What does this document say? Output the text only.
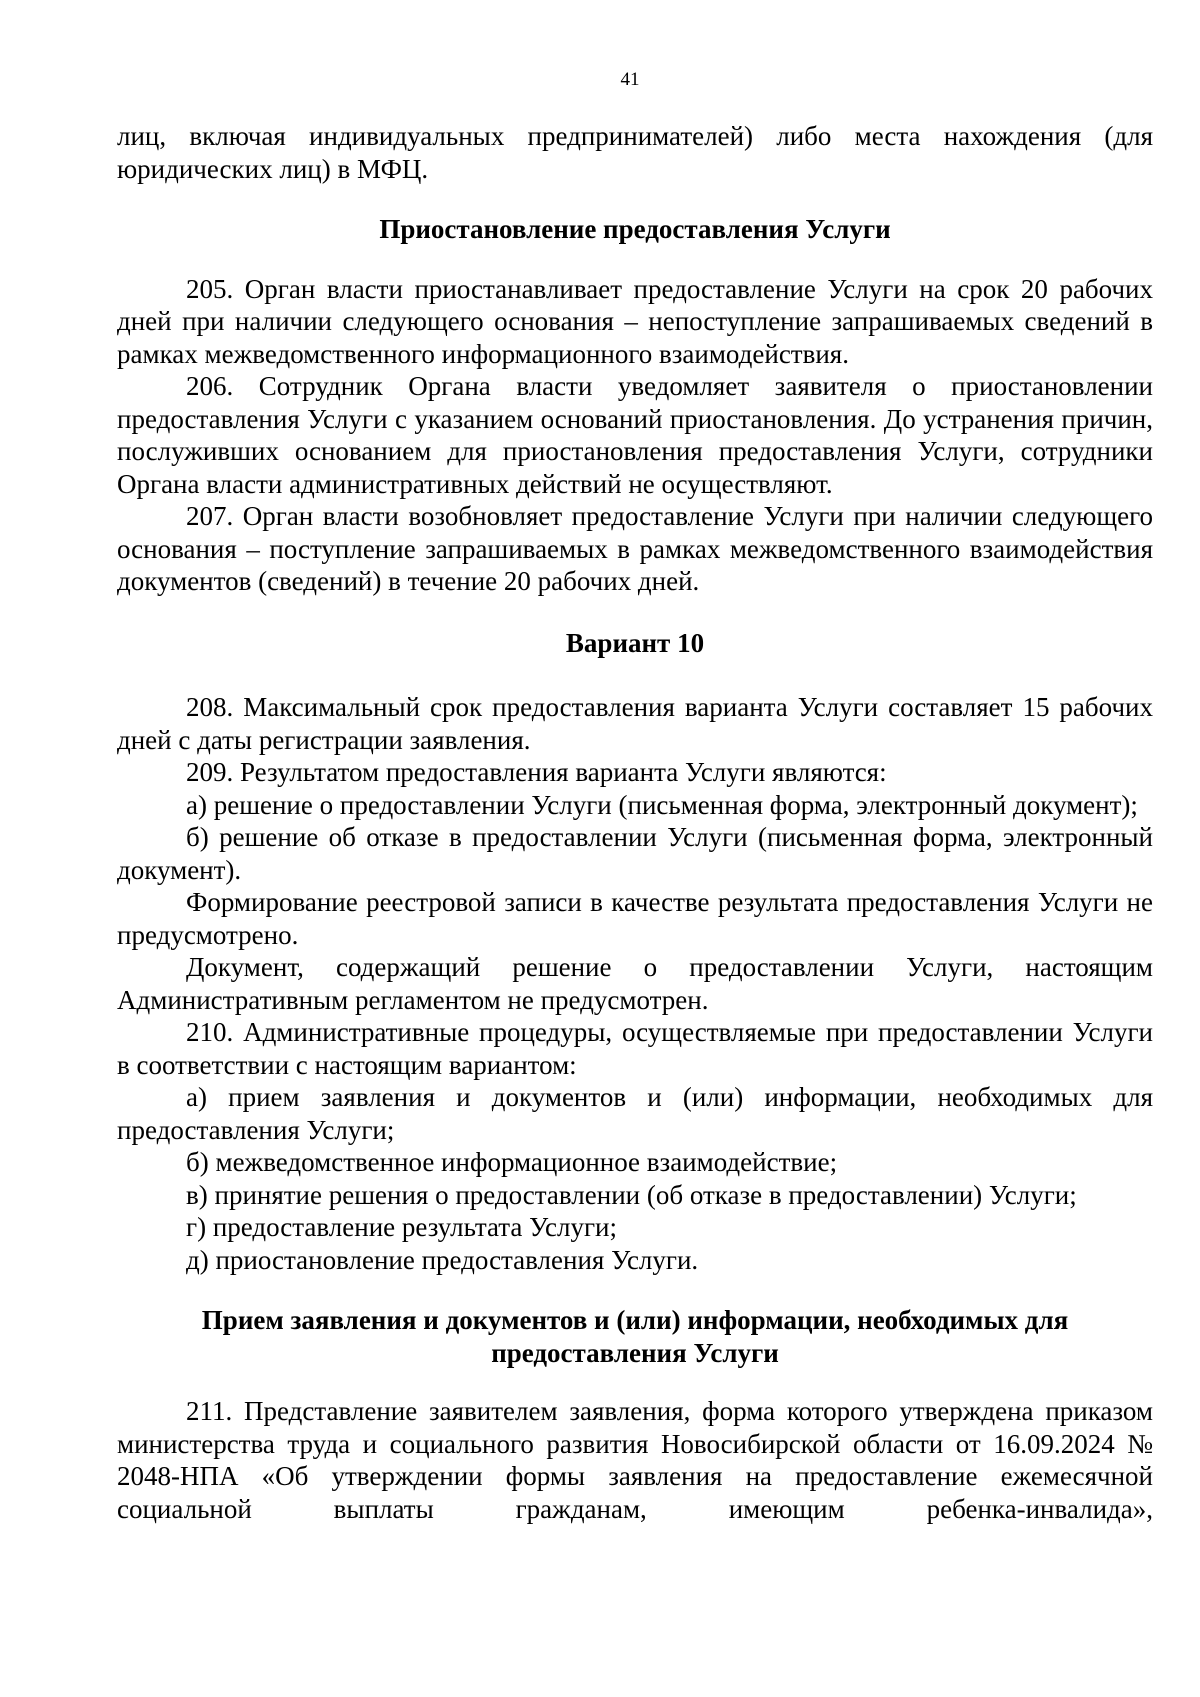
41

лиц, включая индивидуальных предпринимателей) либо места нахождения (для юридических лиц) в МФЦ.

Приостановление предоставления Услуги

205. Орган власти приостанавливает предоставление Услуги на срок 20 рабочих дней при наличии следующего основания – непоступление запрашиваемых сведений в рамках межведомственного информационного взаимодействия.

206. Сотрудник Органа власти уведомляет заявителя о приостановлении предоставления Услуги с указанием оснований приостановления. До устранения причин, послуживших основанием для приостановления предоставления Услуги, сотрудники Органа власти административных действий не осуществляют.

207. Орган власти возобновляет предоставление Услуги при наличии следующего основания – поступление запрашиваемых в рамках межведомственного взаимодействия документов (сведений) в течение 20 рабочих дней.

Вариант 10

208. Максимальный срок предоставления варианта Услуги составляет 15 рабочих дней с даты регистрации заявления.

209. Результатом предоставления варианта Услуги являются:

а) решение о предоставлении Услуги (письменная форма, электронный документ);

б) решение об отказе в предоставлении Услуги (письменная форма, электронный документ).

Формирование реестровой записи в качестве результата предоставления Услуги не предусмотрено.

Документ, содержащий решение о предоставлении Услуги, настоящим Административным регламентом не предусмотрен.

210. Административные процедуры, осуществляемые при предоставлении Услуги в соответствии с настоящим вариантом:

а) прием заявления и документов и (или) информации, необходимых для предоставления Услуги;

б) межведомственное информационное взаимодействие;

в) принятие решения о предоставлении (об отказе в предоставлении) Услуги;

г) предоставление результата Услуги;

д) приостановление предоставления Услуги.

Прием заявления и документов и (или) информации, необходимых для
предоставления Услуги

211. Представление заявителем заявления, форма которого утверждена приказом министерства труда и социального развития Новосибирской области от 16.09.2024 № 2048-НПА «Об утверждении формы заявления на предоставление ежемесячной социальной выплаты гражданам, имеющим ребенка-инвалида»,
